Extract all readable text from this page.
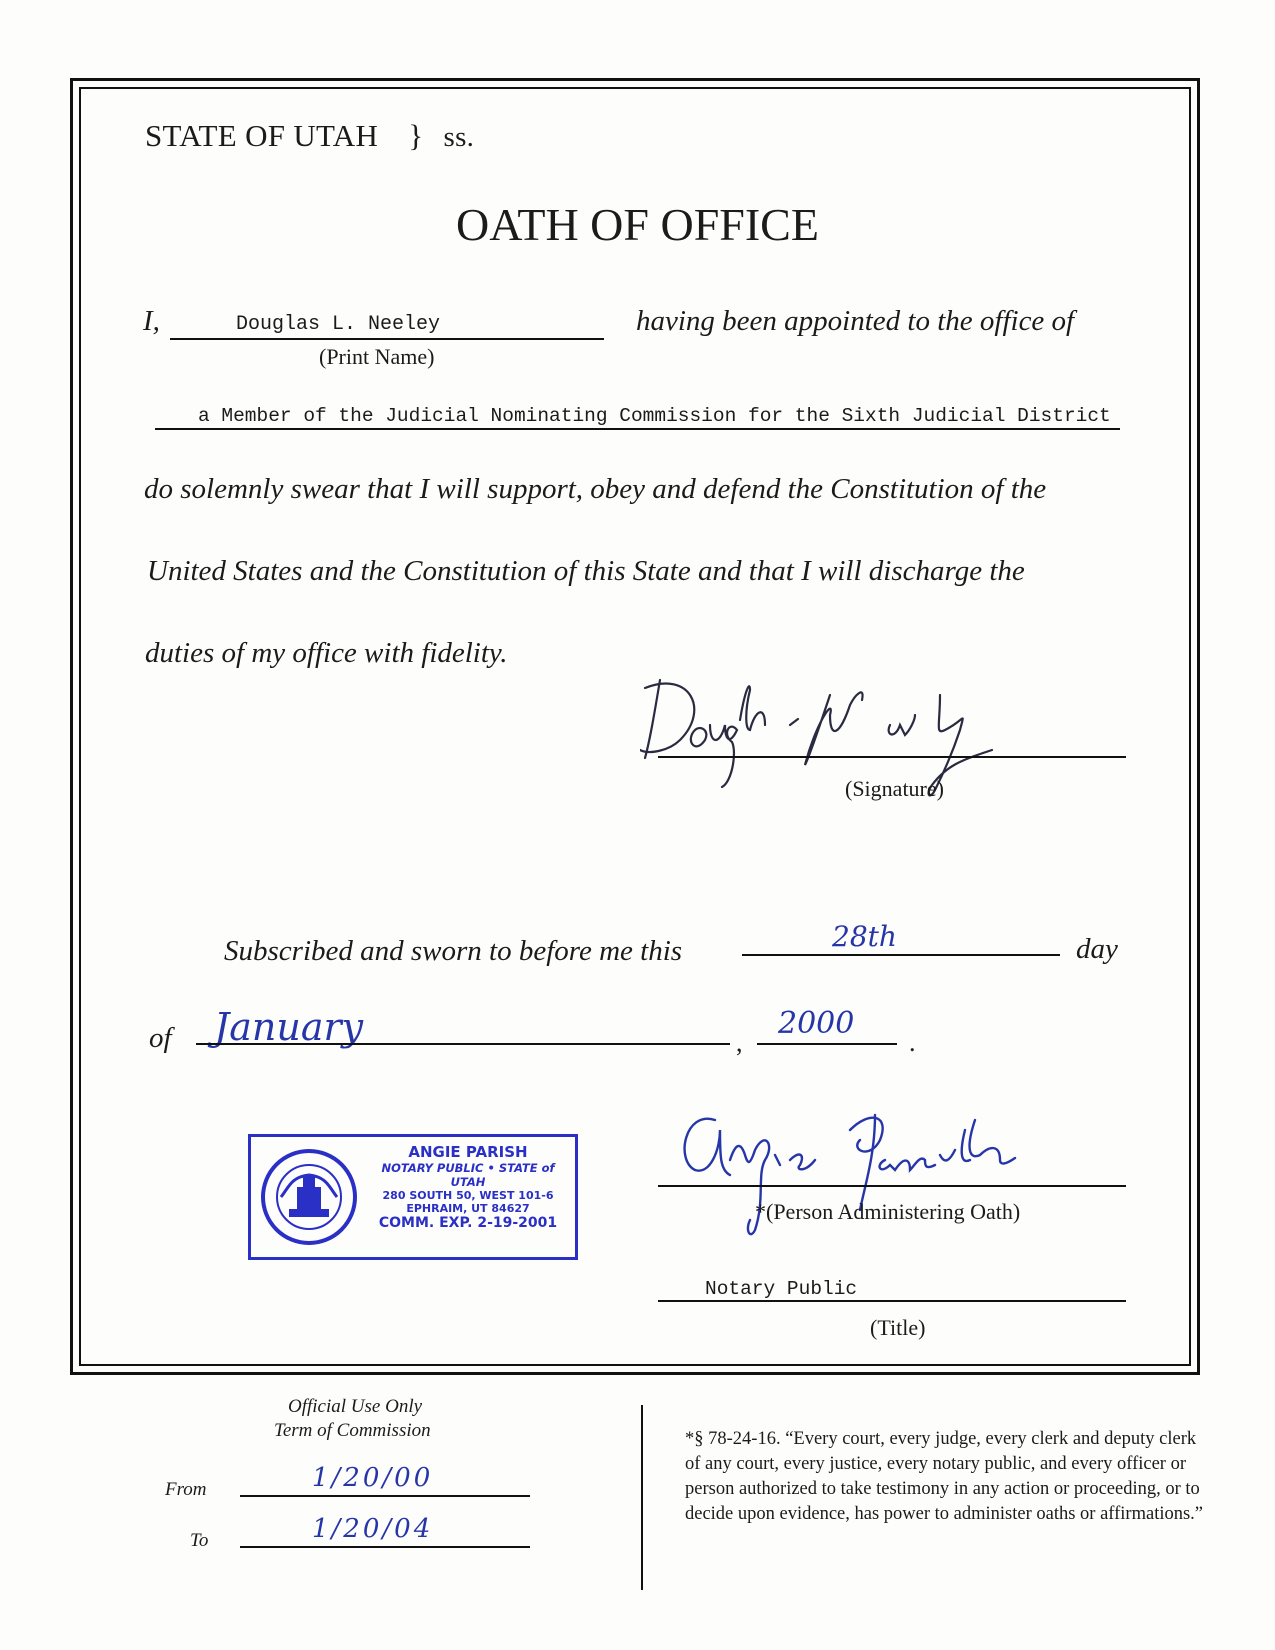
STATE OF UTAH } ss.
OATH OF OFFICE
I,	Douglas L. Neeley
(Print Name)
having been appointed to the office of
a Member of the Judicial Nominating Commission for the Sixth Judicial District
do solemnly swear that I will support, obey and defend the Constitution of the
United States and the Constitution of this State and that I will discharge the
duties of my office with fidelity.
(Signature)
Subscribed and sworn to before me this	28th	day
of January	,
2000
.
ANGIE PARISH
NOTARY PUBLIC • STATE of UTAH
280 SOUTH 50, WEST 101-6
EPHRAIM, UT 84627
COMM. EXP. 2-19-2001	*(Person Administering Oath)
Notary Public
(Title)
Official Use Only
Term of Commission
From	1/20/00
To	1/20/04
*§ 78-24-16. “Every court, every judge, every clerk and deputy clerk of any court, every justice, every notary public, and every officer or person authorized to take testimony in any action or proceeding, or to decide upon evidence, has power to administer oaths or affirmations.”
